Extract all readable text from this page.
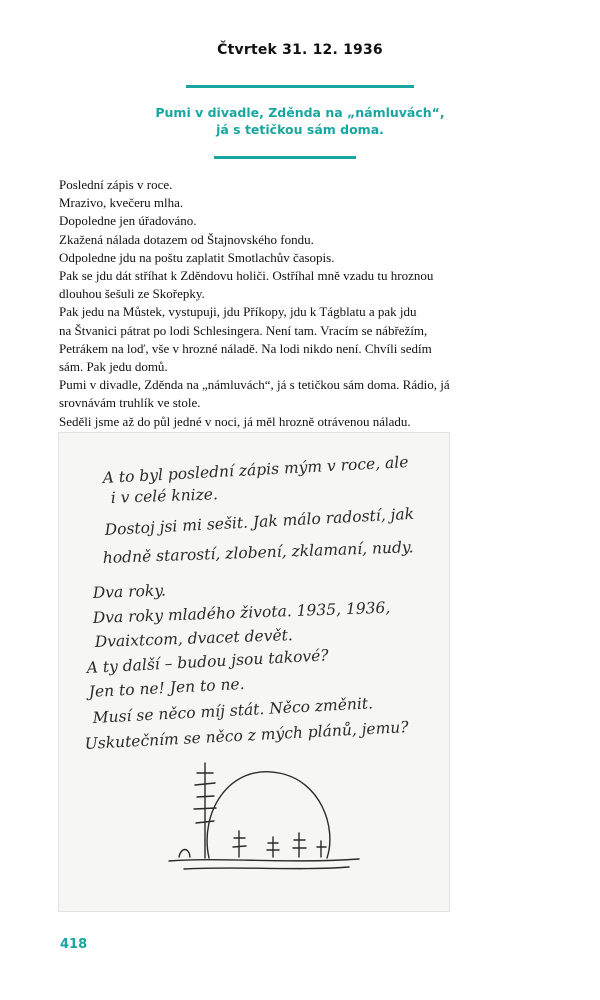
Čtvrtek 31. 12. 1936
Pumi v divadle, Zděnda na „námluvách“,
já s tetičkou sám doma.
Poslední zápis v roce.
Mrazivo, kvečeru mlha.
Dopoledne jen úřadováno.
Zkažená nálada dotazem od Štajnovského fondu.
Odpoledne jdu na poštu zaplatit Smotlachův časopis.
Pak se jdu dát stříhat k Zděndovu holiči. Ostříhal mně vzadu tu hroznou
dlouhou šešuli ze Skořepky.
Pak jedu na Můstek, vystupuji, jdu Příkopy, jdu k Tágblatu a pak jdu
na Štvanici pátrat po lodi Schlesingera. Není tam. Vracím se nábřežím,
Petrákem na loď, vše v hrozné náladě. Na lodi nikdo není. Chvíli sedím
sám. Pak jedu domů.
Pumi v divadle, Zděnda na „námluvách“, já s tetičkou sám doma. Rádio, já
srovnávám truhlík ve stole.
Seděli jsme až do půl jedné v noci, já měl hrozně otrávenou náladu.
A to byl poslední zápis mým v roce, ale
i v celé knize.
Dostoj jsi mi sešit. Jak málo radostí, jak
hodně starostí, zlobení, zklamaní, nudy.
Dva roky.
Dva roky mladého života. 1935, 1936,
Dvaixtcom, dvacet devět.
A ty další – budou jsou takové?
Jen to ne! Jen to ne.
Musí se něco míj stát. Něco změnit.
Uskutečním se něco z mých plánů, jemu?
418
